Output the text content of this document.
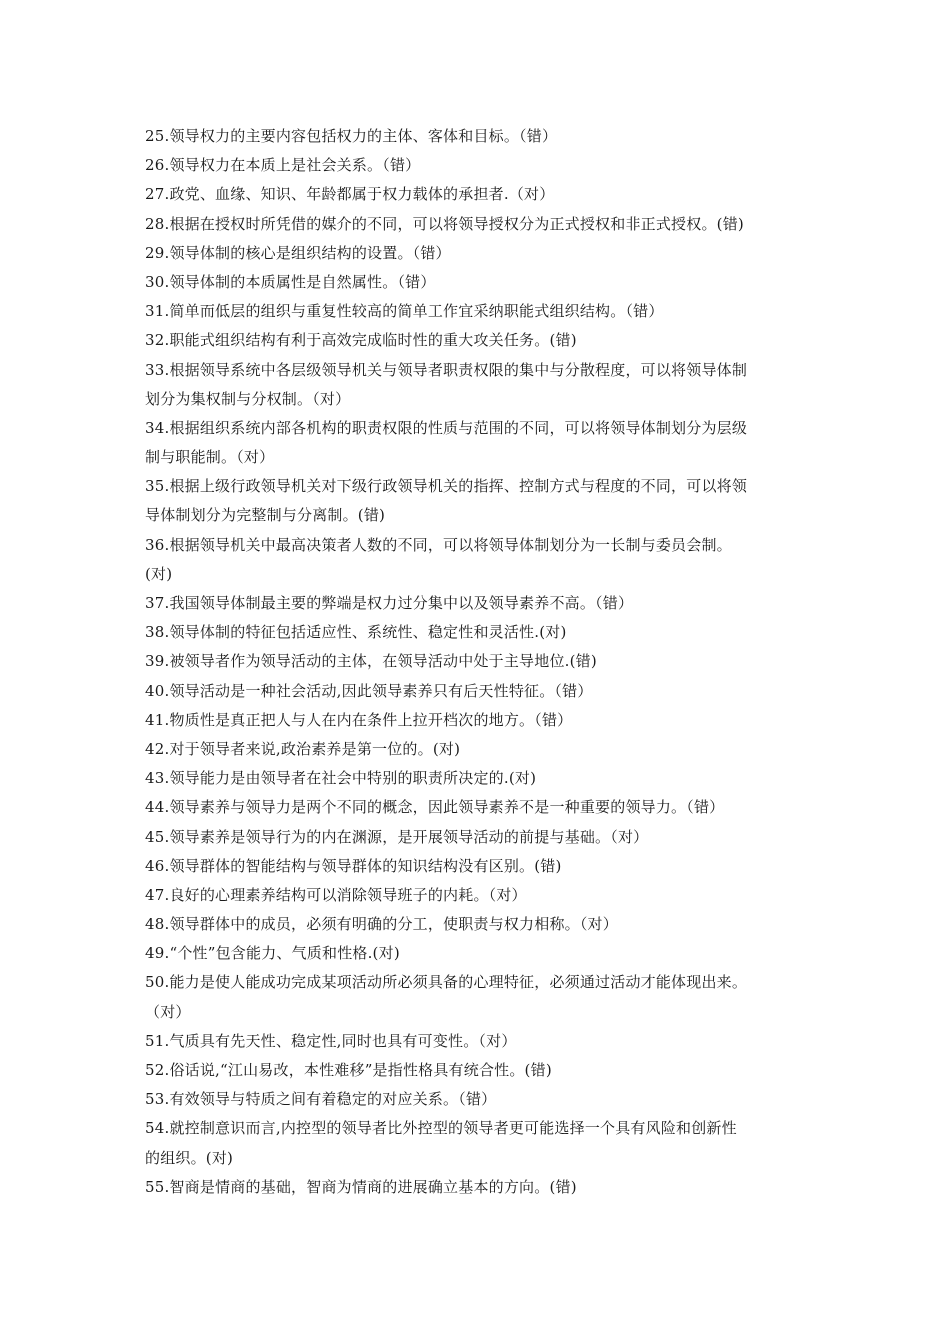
25.领导权力的主要内容包括权力的主体、客体和目标。（错）
26.领导权力在本质上是社会关系。（错）
27.政党、血缘、知识、年龄都属于权力载体的承担者.（对）
28.根据在授权时所凭借的媒介的不同，可以将领导授权分为正式授权和非正式授权。(错)
29.领导体制的核心是组织结构的设置。（错）
30.领导体制的本质属性是自然属性。（错）
31.简单而低层的组织与重复性较高的简单工作宜采纳职能式组织结构。（错）
32.职能式组织结构有利于高效完成临时性的重大攻关任务。(错)
33.根据领导系统中各层级领导机关与领导者职责权限的集中与分散程度，可以将领导体制
划分为集权制与分权制。（对）
34.根据组织系统内部各机构的职责权限的性质与范围的不同，可以将领导体制划分为层级
制与职能制。（对）
35.根据上级行政领导机关对下级行政领导机关的指挥、控制方式与程度的不同，可以将领
导体制划分为完整制与分离制。(错)
36.根据领导机关中最高决策者人数的不同，可以将领导体制划分为一长制与委员会制。
(对)
37.我国领导体制最主要的弊端是权力过分集中以及领导素养不高。（错）
38.领导体制的特征包括适应性、系统性、稳定性和灵活性.(对)
39.被领导者作为领导活动的主体，在领导活动中处于主导地位.(错)
40.领导活动是一种社会活动,因此领导素养只有后天性特征。（错）
41.物质性是真正把人与人在内在条件上拉开档次的地方。（错）
42.对于领导者来说,政治素养是第一位的。(对)
43.领导能力是由领导者在社会中特别的职责所决定的.(对)
44.领导素养与领导力是两个不同的概念，因此领导素养不是一种重要的领导力。（错）
45.领导素养是领导行为的内在渊源，是开展领导活动的前提与基础。（对）
46.领导群体的智能结构与领导群体的知识结构没有区别。(错)
47.良好的心理素养结构可以消除领导班子的内耗。（对）
48.领导群体中的成员，必须有明确的分工，使职责与权力相称。（对）
49.“个性”包含能力、气质和性格.(对)
50.能力是使人能成功完成某项活动所必须具备的心理特征，必须通过活动才能体现出来。
（对）
51.气质具有先天性、稳定性,同时也具有可变性。（对）
52.俗话说,“江山易改，本性难移”是指性格具有统合性。(错)
53.有效领导与特质之间有着稳定的对应关系。（错）
54.就控制意识而言,内控型的领导者比外控型的领导者更可能选择一个具有风险和创新性
的组织。(对)
55.智商是情商的基础，智商为情商的进展确立基本的方向。(错)
